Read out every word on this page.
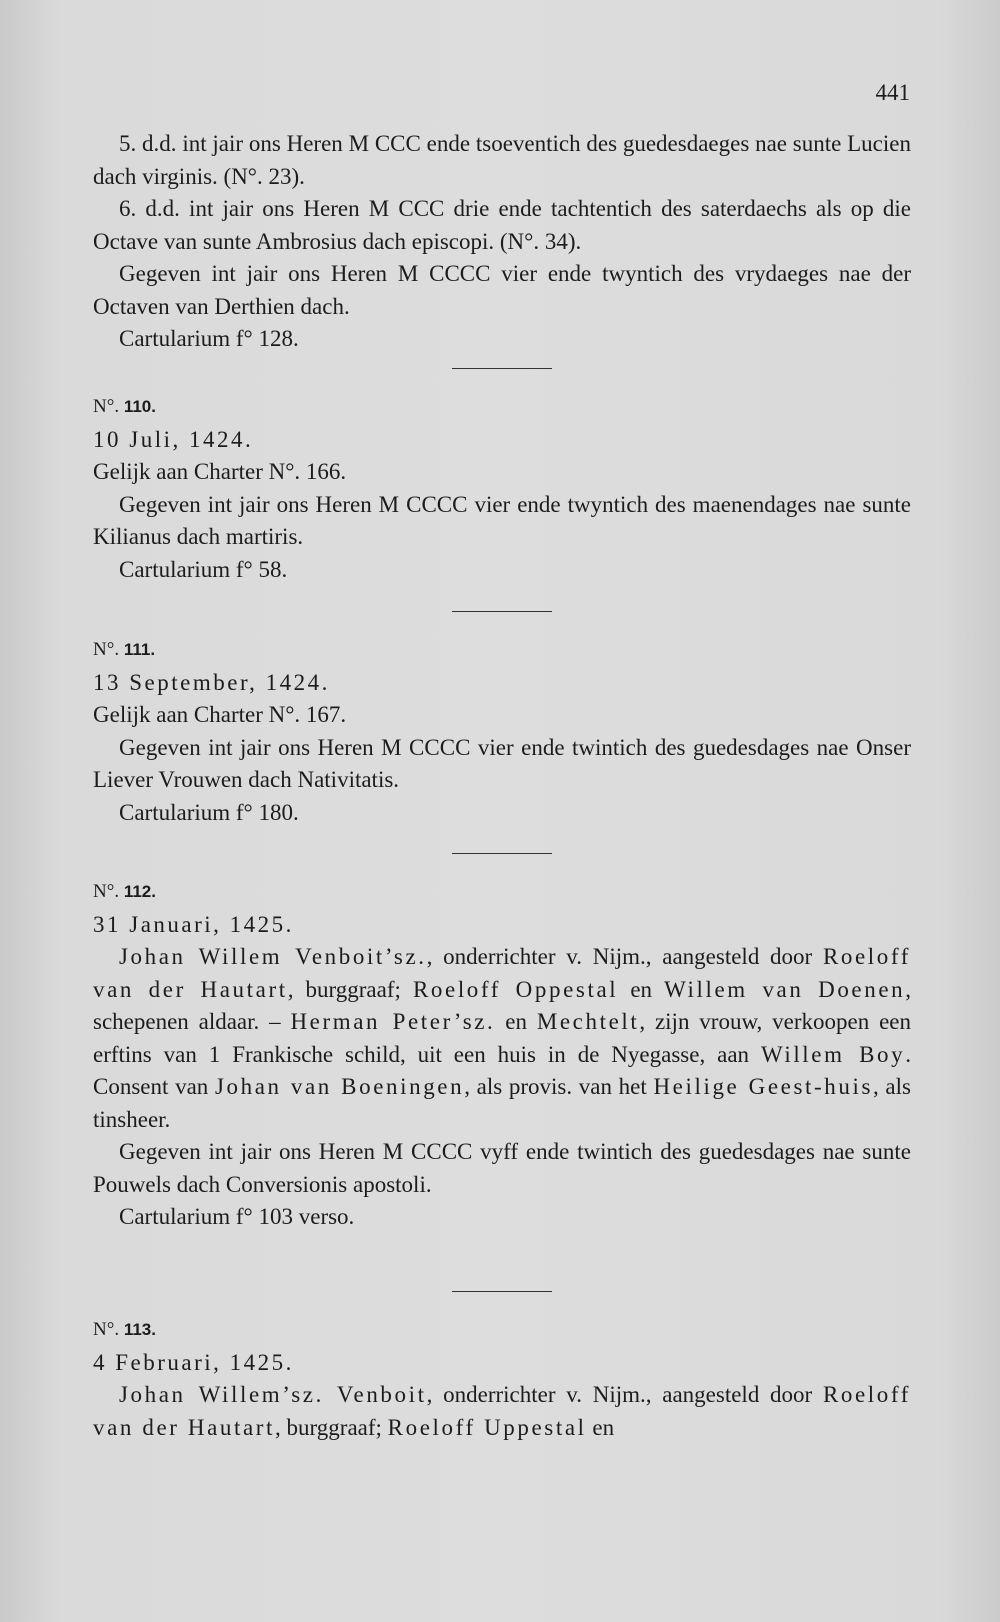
441

5. d.d. int jair ons Heren M CCC ende tsoeventich des guedesdaeges nae sunte Lucien dach virginis. (N°. 23).

6. d.d. int jair ons Heren M CCC drie ende tachtentich des saterdaechs als op die Octave van sunte Ambrosius dach episcopi. (N°. 34).

Gegeven int jair ons Heren M CCCC vier ende twyntich des vrydaeges nae der Octaven van Derthien dach.

Cartularium f° 128.

N°. 110.

10 Juli, 1424.

Gelijk aan Charter N°. 166.

Gegeven int jair ons Heren M CCCC vier ende twyntich des maenendages nae sunte Kilianus dach martiris.

Cartularium f° 58.

N°. 111.

13 September, 1424.

Gelijk aan Charter N°. 167.

Gegeven int jair ons Heren M CCCC vier ende twintich des guedesdages nae Onser Liever Vrouwen dach Nativitatis.

Cartularium f° 180.

N°. 112.

31 Januari, 1425.

Johan Willem Venboit’sz., onderrichter v. Nijm., aangesteld door Roeloff van der Hautart, burggraaf; Roeloff Oppestal en Willem van Doenen, schepenen aldaar. – Herman Peter’sz. en Mechtelt, zijn vrouw, verkoopen een erftins van 1 Frankische schild, uit een huis in de Nyegasse, aan Willem Boy. Consent van Johan van Boeningen, als provis. van het Heilige Geest-huis, als tinsheer.

Gegeven int jair ons Heren M CCCC vyff ende twintich des guedesdages nae sunte Pouwels dach Conversionis apostoli.

Cartularium f° 103 verso.

N°. 113.

4 Februari, 1425.

Johan Willem’sz. Venboit, onderrichter v. Nijm., aangesteld door Roeloff van der Hautart, burggraaf; Roeloff Uppestal en
